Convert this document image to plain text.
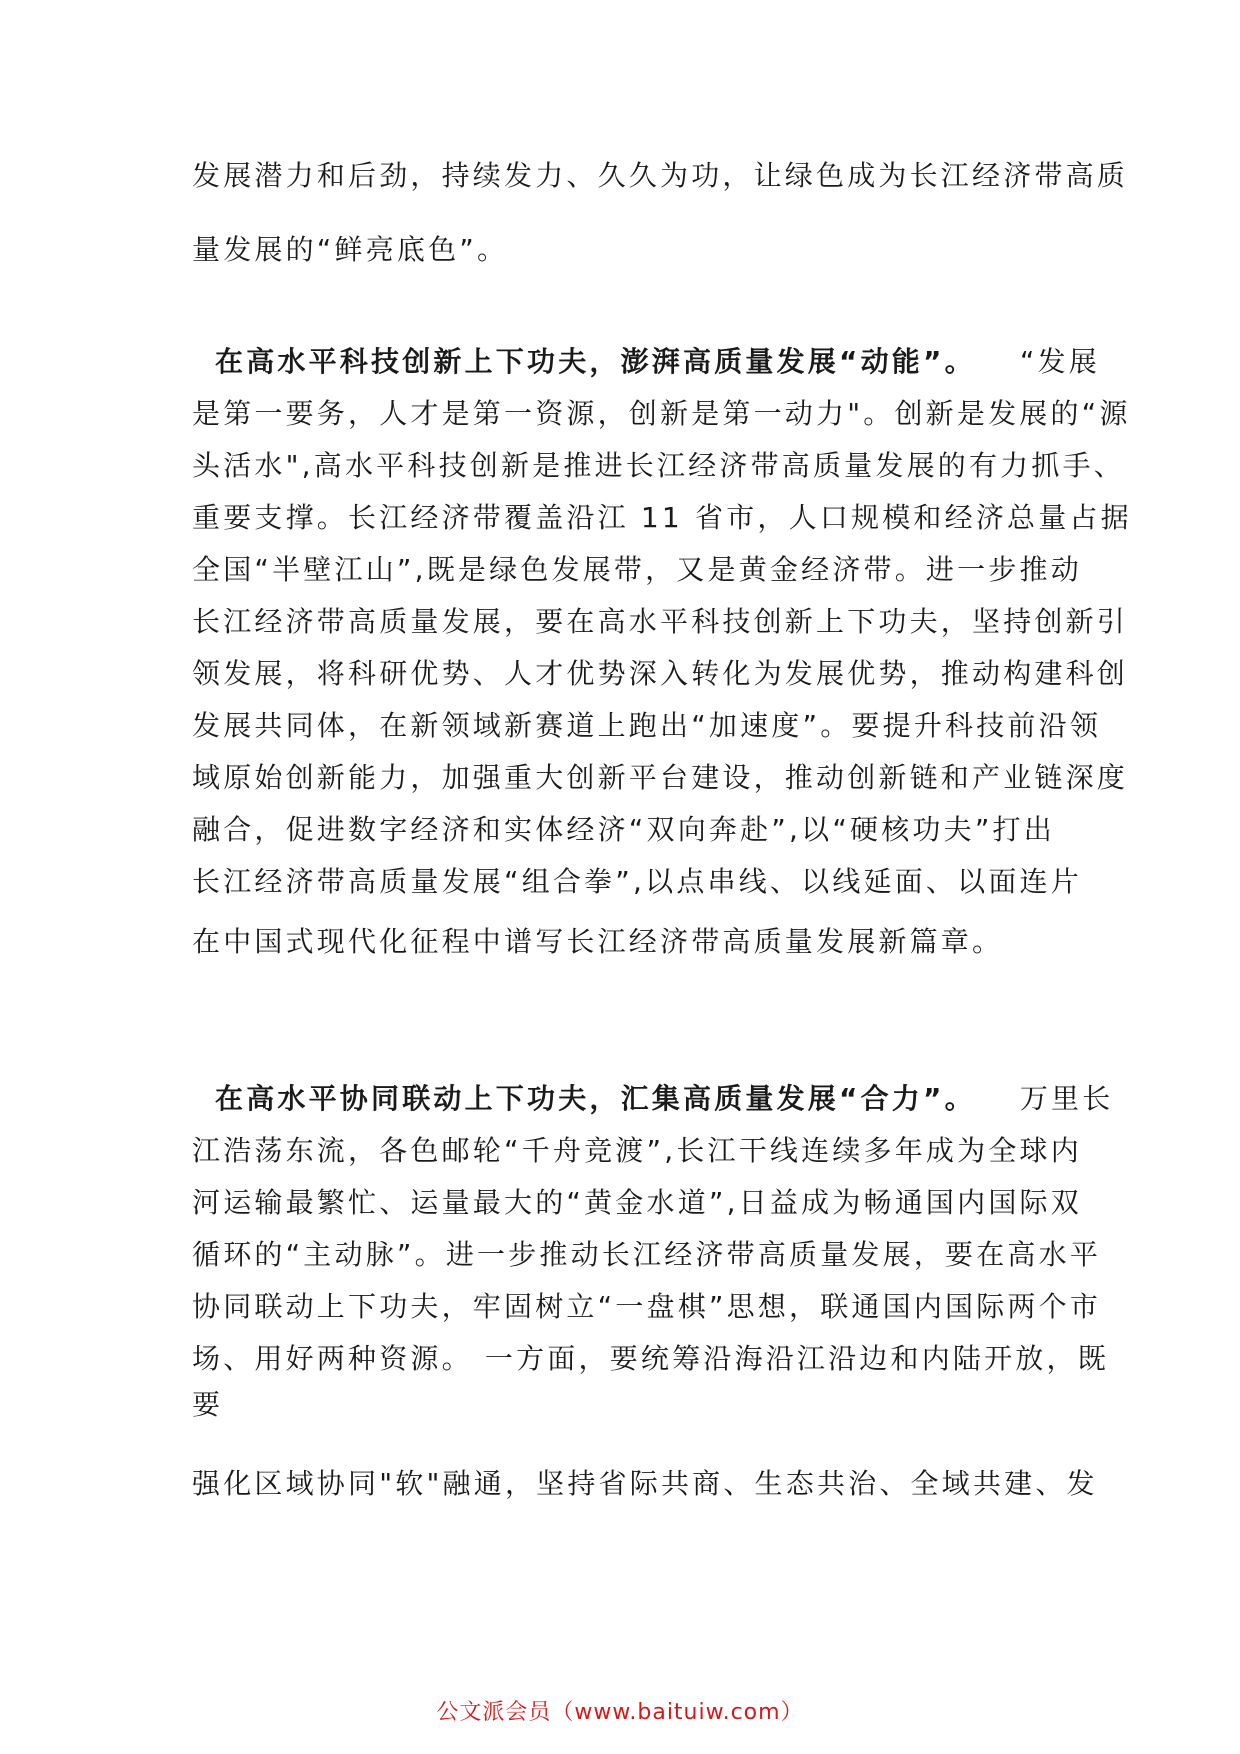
发展潜力和后劲，持续发力、久久为功，让绿色成为长江经济带高质
量发展的“鲜亮底色”。
在高水平科技创新上下功夫，澎湃高质量发展“动能”。 “发展
是第一要务，人才是第一资源，创新是第一动力"。创新是发展的“源
头活水",高水平科技创新是推进长江经济带高质量发展的有力抓手、
重要支撑。长江经济带覆盖沿江 11 省市，人口规模和经济总量占据
全国“半壁江山”,既是绿色发展带，又是黄金经济带。进一步推动
长江经济带高质量发展，要在高水平科技创新上下功夫，坚持创新引
领发展，将科研优势、人才优势深入转化为发展优势，推动构建科创
发展共同体，在新领域新赛道上跑出“加速度”。要提升科技前沿领
域原始创新能力，加强重大创新平台建设，推动创新链和产业链深度
融合，促进数字经济和实体经济“双向奔赴”,以“硬核功夫”打出
长江经济带高质量发展“组合拳”,以点串线、以线延面、以面连片
在中国式现代化征程中谱写长江经济带高质量发展新篇章。
在高水平协同联动上下功夫，汇集高质量发展“合力”。 万里长
江浩荡东流，各色邮轮“千舟竞渡”,长江干线连续多年成为全球内
河运输最繁忙、运量最大的“黄金水道”,日益成为畅通国内国际双
循环的“主动脉”。进一步推动长江经济带高质量发展，要在高水平
协同联动上下功夫，牢固树立“一盘棋”思想，联通国内国际两个市
场、用好两种资源。 一方面，要统筹沿海沿江沿边和内陆开放，既
要
强化区域协同"软"融通，坚持省际共商、生态共治、全域共建、发
公文派会员（www.baituiw.com）
